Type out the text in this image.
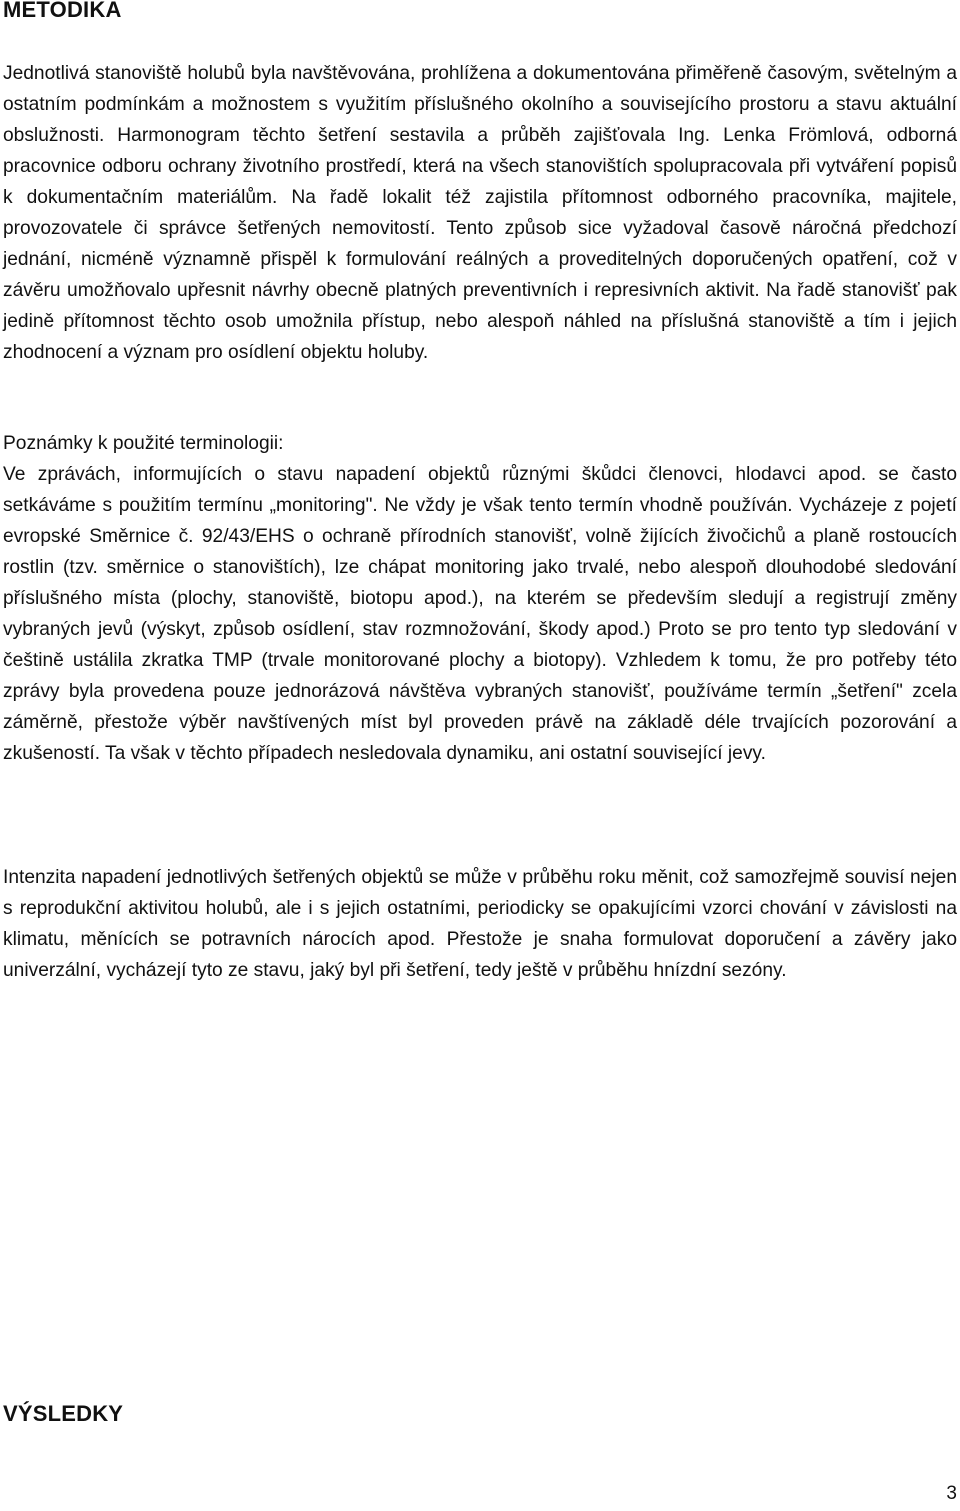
METODIKA

Jednotlivá stanoviště holubů byla navštěvována, prohlížena a dokumentována přiměřeně časovým, světelným a ostatním podmínkám a možnostem s využitím příslušného okolního a souvisejícího prostoru a stavu aktuální obslužnosti. Harmonogram těchto šetření sestavila a průběh zajišťovala Ing. Lenka Frömlová, odborná pracovnice odboru ochrany životního prostředí, která na všech stanovištích spolupracovala při vytváření popisů k dokumentačním materiálům. Na řadě lokalit též zajistila přítomnost odborného pracovníka, majitele, provozovatele či správce šetřených nemovitostí. Tento způsob sice vyžadoval časově náročná předchozí jednání, nicméně významně přispěl k formulování reálných a proveditelných doporučených opatření, což v závěru umožňovalo upřesnit návrhy obecně platných preventivních i represivních aktivit. Na řadě stanovišť pak jedině přítomnost těchto osob umožnila přístup, nebo alespoň náhled na příslušná stanoviště a tím i jejich zhodnocení a význam pro osídlení objektu holuby.

Poznámky k použité terminologii:

Ve zprávách, informujících o stavu napadení objektů různými škůdci členovci, hlodavci apod. se často setkáváme s použitím termínu „monitoring". Ne vždy je však tento termín vhodně používán. Vycházeje z pojetí evropské Směrnice č. 92/43/EHS o ochraně přírodních stanovišť, volně žijících živočichů a planě rostoucích rostlin (tzv. směrnice o stanovištích), lze chápat monitoring jako trvalé, nebo alespoň dlouhodobé sledování příslušného místa (plochy, stanoviště, biotopu apod.), na kterém se především sledují a registrují změny vybraných jevů (výskyt, způsob osídlení, stav rozmnožování, škody apod.) Proto se pro tento typ sledování v češtině ustálila zkratka TMP (trvale monitorované plochy a biotopy). Vzhledem k tomu, že pro potřeby této zprávy byla provedena pouze jednorázová návštěva vybraných stanovišť, používáme termín „šetření" zcela záměrně, přestože výběr navštívených míst byl proveden právě na základě déle trvajících pozorování a zkušeností. Ta však v těchto případech nesledovala dynamiku, ani ostatní související jevy.

Intenzita napadení jednotlivých šetřených objektů se může v průběhu roku měnit, což samozřejmě souvisí nejen s reprodukční aktivitou holubů, ale i s jejich ostatními, periodicky se opakujícími vzorci chování v závislosti na klimatu, měnících se potravních nárocích apod. Přestože je snaha formulovat doporučení a závěry jako univerzální, vycházejí tyto ze stavu, jaký byl při šetření, tedy ještě v průběhu hnízdní sezóny.

VÝSLEDKY
3
